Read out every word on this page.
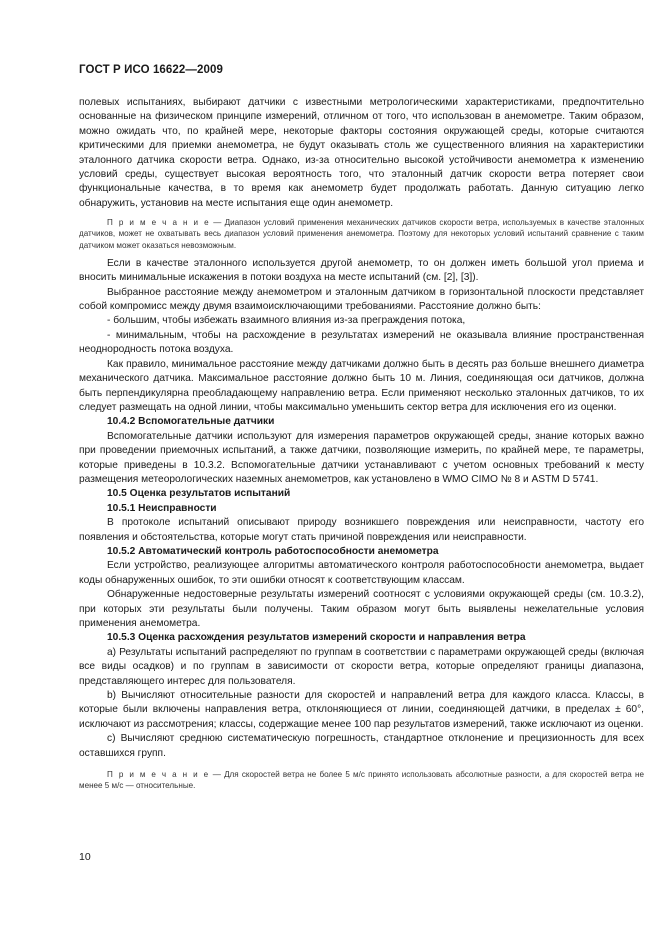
ГОСТ Р ИСО 16622—2009

полевых испытаниях, выбирают датчики с известными метрологическими характеристиками, предпочтительно основанные на физическом принципе измерений, отличном от того, что использован в анемометре. Таким образом, можно ожидать что, по крайней мере, некоторые факторы состояния окружающей среды, которые считаются критическими для приемки анемометра, не будут оказывать столь же существенного влияния на характеристики эталонного датчика скорости ветра. Однако, из-за относительно высокой устойчивости анемометра к изменению условий среды, существует высокая вероятность того, что эталонный датчик скорости ветра потеряет свои функциональные качества, в то время как анемометр будет продолжать работать. Данную ситуацию легко обнаружить, установив на месте испытания еще один анемометр.

П р и м е ч а н и е — Диапазон условий применения механических датчиков скорости ветра, используемых в качестве эталонных датчиков, может не охватывать весь диапазон условий применения анемометра. Поэтому для некоторых условий испытаний сравнение с таким датчиком может оказаться невозможным.

Если в качестве эталонного используется другой анемометр, то он должен иметь большой угол приема и вносить минимальные искажения в потоки воздуха на месте испытаний (см. [2], [3]).

Выбранное расстояние между анемометром и эталонным датчиком в горизонтальной плоскости представляет собой компромисс между двумя взаимоисключающими требованиями. Расстояние должно быть:

- большим, чтобы избежать взаимного влияния из-за преграждения потока,

- минимальным, чтобы на расхождение в результатах измерений не оказывала влияние пространственная неоднородность потока воздуха.

Как правило, минимальное расстояние между датчиками должно быть в десять раз больше внешнего диаметра механического датчика. Максимальное расстояние должно быть 10 м. Линия, соединяющая оси датчиков, должна быть перпендикулярна преобладающему направлению ветра. Если применяют несколько эталонных датчиков, то их следует размещать на одной линии, чтобы максимально уменьшить сектор ветра для исключения его из оценки.

10.4.2 Вспомогательные датчики

Вспомогательные датчики используют для измерения параметров окружающей среды, знание которых важно при проведении приемочных испытаний, а также датчики, позволяющие измерить, по крайней мере, те параметры, которые приведены в 10.3.2. Вспомогательные датчики устанавливают с учетом основных требований к месту размещения метеорологических наземных анемометров, как установлено в WMO CIMO № 8 и ASTM D 5741.

10.5 Оценка результатов испытаний
10.5.1 Неисправности

В протоколе испытаний описывают природу возникшего повреждения или неисправности, частоту его появления и обстоятельства, которые могут стать причиной повреждения или неисправности.

10.5.2 Автоматический контроль работоспособности анемометра

Если устройство, реализующее алгоритмы автоматического контроля работоспособности анемометра, выдает коды обнаруженных ошибок, то эти ошибки относят к соответствующим классам.

Обнаруженные недостоверные результаты измерений соотносят с условиями окружающей среды (см. 10.3.2), при которых эти результаты были получены. Таким образом могут быть выявлены нежелательные условия применения анемометра.

10.5.3 Оценка расхождения результатов измерений скорости и направления ветра

a) Результаты испытаний распределяют по группам в соответствии с параметрами окружающей среды (включая все виды осадков) и по группам в зависимости от скорости ветра, которые определяют границы диапазона, представляющего интерес для пользователя.

b) Вычисляют относительные разности для скоростей и направлений ветра для каждого класса. Классы, в которые были включены направления ветра, отклоняющиеся от линии, соединяющей датчики, в пределах ± 60°, исключают из рассмотрения; классы, содержащие менее 100 пар результатов измерений, также исключают из оценки.

c) Вычисляют среднюю систематическую погрешность, стандартное отклонение и прецизионность для всех оставшихся групп.

П р и м е ч а н и е — Для скоростей ветра не более 5 м/с принято использовать абсолютные разности, а для скоростей ветра не менее 5 м/с — относительные.

10
